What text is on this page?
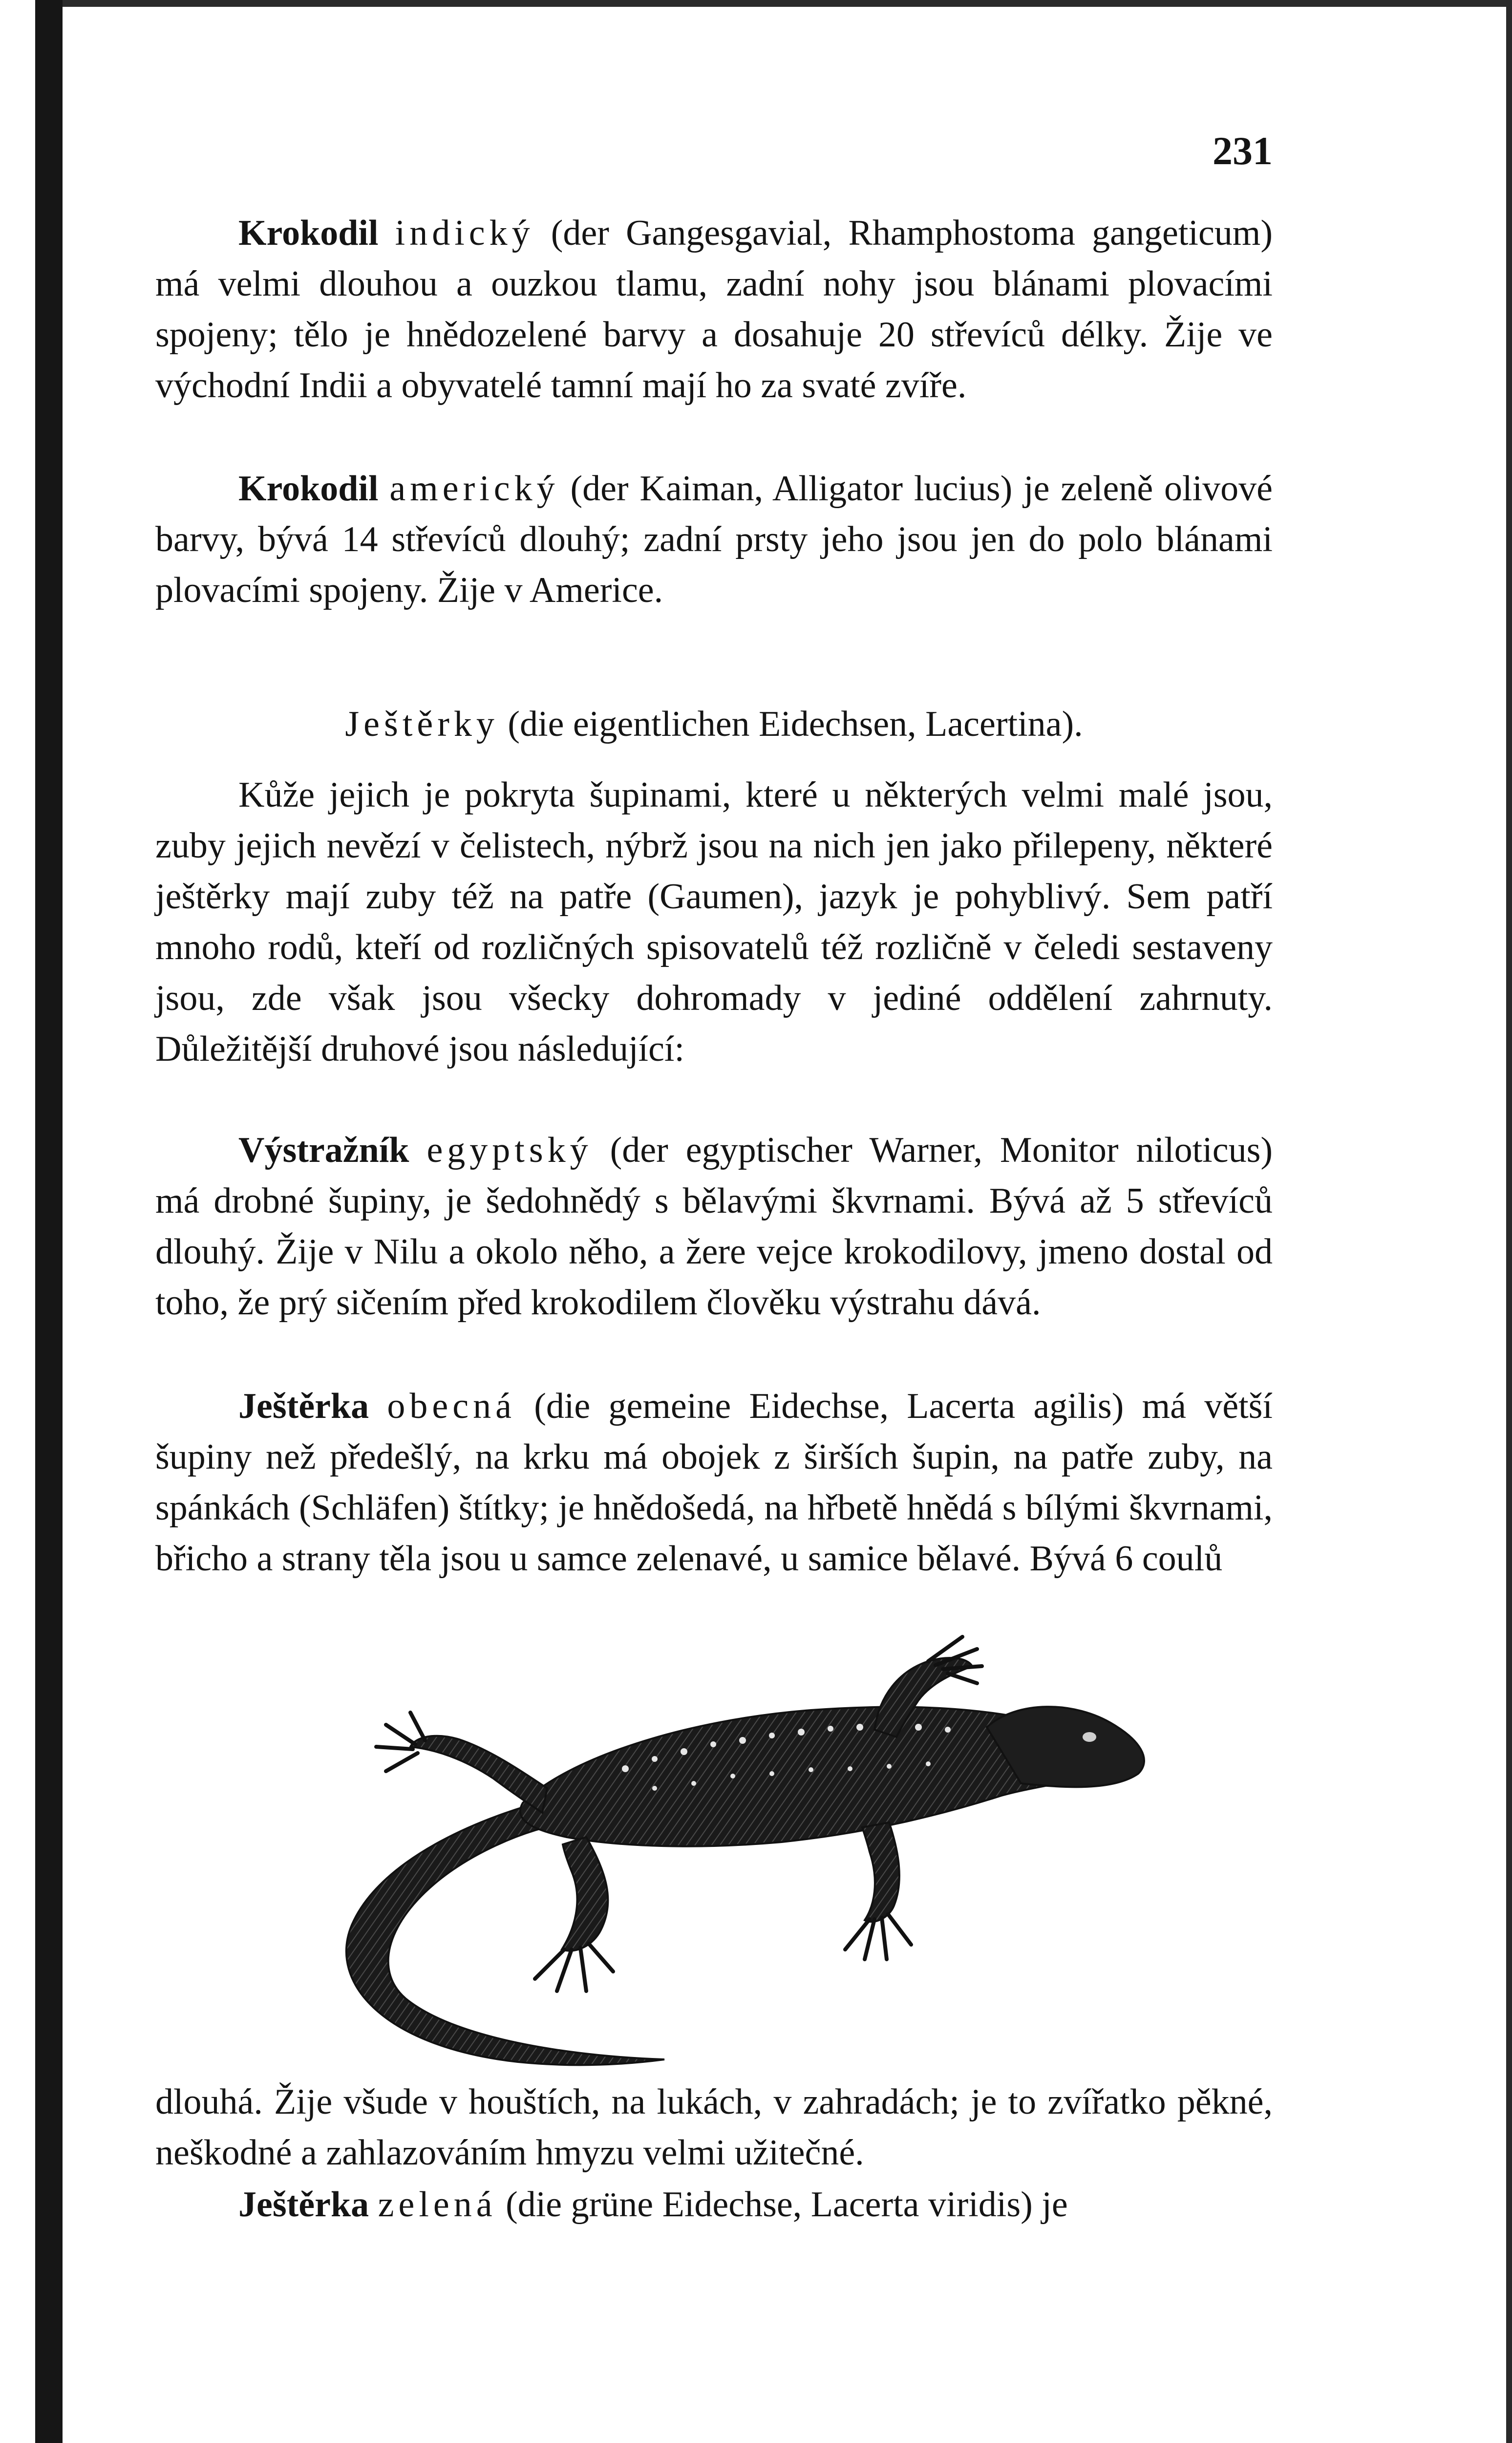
231

Krokodil indický (der Gangesgavial, Rhamphostoma gangeticum) má velmi dlouhou a ouzkou tlamu, zadní nohy jsou blánami plovacími spojeny; tělo je hnědozelené barvy a dosahuje 20 střevíců délky. Žije ve východní Indii a obyvatelé tamní mají ho za svaté zvíře.

Krokodil americký (der Kaiman, Alligator lucius) je zeleně olivové barvy, bývá 14 střevíců dlouhý; zadní prsty jeho jsou jen do polo blánami plovacími spojeny. Žije v Americe.

Ještěrky (die eigentlichen Eidechsen, Lacertina).

Kůže jejich je pokryta šupinami, které u některých velmi malé jsou, zuby jejich nevězí v čelistech, nýbrž jsou na nich jen jako přilepeny, některé ještěrky mají zuby též na patře (Gaumen), jazyk je pohyblivý. Sem patří mnoho rodů, kteří od rozličných spisovatelů též rozličně v čeledi sestaveny jsou, zde však jsou všecky dohromady v jediné oddělení zahrnuty. Důležitější druhové jsou následující:

Výstražník egyptský (der egyptischer Warner, Monitor niloticus) má drobné šupiny, je šedohnědý s bělavými škvrnami. Bývá až 5 střevíců dlouhý. Žije v Nilu a okolo něho, a žere vejce krokodilovy, jmeno dostal od toho, že prý sičením před krokodilem člověku výstrahu dává.

Ještěrka obecná (die gemeine Eidechse, Lacerta agilis) má větší šupiny než předešlý, na krku má obojek z širších šupin, na patře zuby, na spánkách (Schläfen) štítky; je hnědošedá, na hřbetě hnědá s bílými škvrnami, břicho a strany těla jsou u samce zelenavé, u samice bělavé. Bývá 6 coulů

dlouhá. Žije všude v houštích, na lukách, v zahradách; je to zvířatko pěkné, neškodné a zahlazováním hmyzu velmi užitečné.

Ještěrka zelená (die grüne Eidechse, Lacerta viridis) je
